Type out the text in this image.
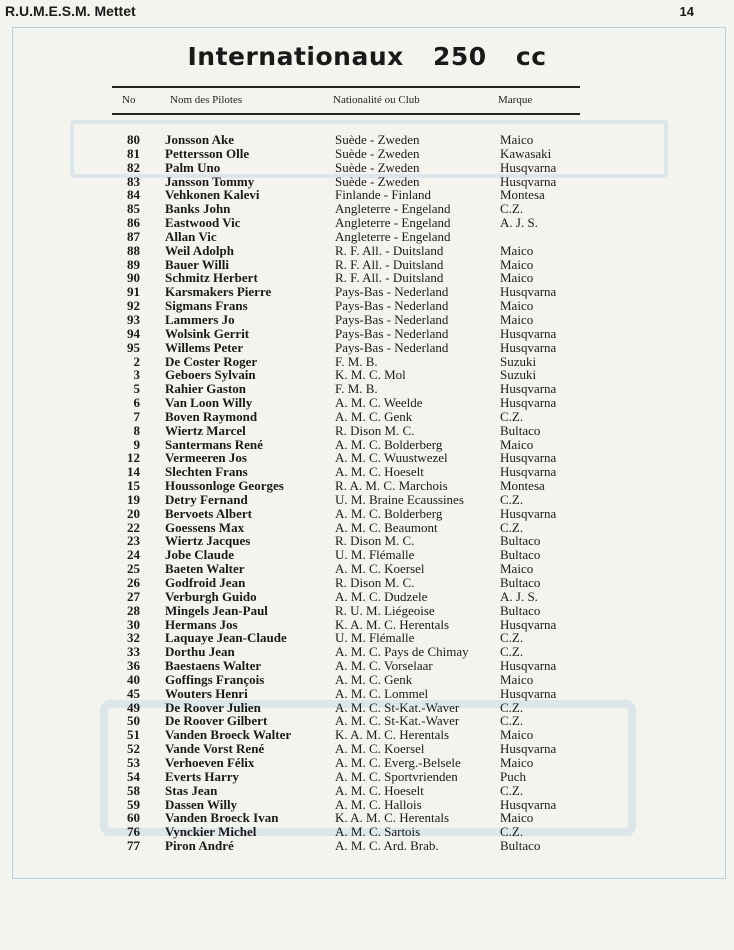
R.U.M.E.S.M. Mettet	14
Internationaux 250 cc
No	Nom des Pilotes	Nationalité ou Club	Marque
80	Jonsson Ake	Suède - Zweden	Maico
81	Pettersson Olle	Suède - Zweden	Kawasaki
82	Palm Uno	Suède - Zweden	Husqvarna
83	Jansson Tommy	Suède - Zweden	Husqvarna
84	Vehkonen Kalevi	Finlande - Finland	Montesa
85	Banks John	Angleterre - Engeland	C.Z.
86	Eastwood Vic	Angleterre - Engeland	A. J. S.
87	Allan Vic	Angleterre - Engeland	
88	Weil Adolph	R. F. All. - Duitsland	Maico
89	Bauer Willi	R. F. All. - Duitsland	Maico
90	Schmitz Herbert	R. F. All. - Duitsland	Maico
91	Karsmakers Pierre	Pays-Bas - Nederland	Husqvarna
92	Sigmans Frans	Pays-Bas - Nederland	Maico
93	Lammers Jo	Pays-Bas - Nederland	Maico
94	Wolsink Gerrit	Pays-Bas - Nederland	Husqvarna
95	Willems Peter	Pays-Bas - Nederland	Husqvarna
2	De Coster Roger	F. M. B.	Suzuki
3	Geboers Sylvain	K. M. C. Mol	Suzuki
5	Rahier Gaston	F. M. B.	Husqvarna
6	Van Loon Willy	A. M. C. Weelde	Husqvarna
7	Boven Raymond	A. M. C. Genk	C.Z.
8	Wiertz Marcel	R. Dison M. C.	Bultaco
9	Santermans René	A. M. C. Bolderberg	Maico
12	Vermeeren Jos	A. M. C. Wuustwezel	Husqvarna
14	Slechten Frans	A. M. C. Hoeselt	Husqvarna
15	Houssonloge Georges	R. A. M. C. Marchois	Montesa
19	Detry Fernand	U. M. Braine Ecaussines	C.Z.
20	Bervoets Albert	A. M. C. Bolderberg	Husqvarna
22	Goessens Max	A. M. C. Beaumont	C.Z.
23	Wiertz Jacques	R. Dison M. C.	Bultaco
24	Jobe Claude	U. M. Flémalle	Bultaco
25	Baeten Walter	A. M. C. Koersel	Maico
26	Godfroid Jean	R. Dison M. C.	Bultaco
27	Verburgh Guido	A. M. C. Dudzele	A. J. S.
28	Mingels Jean-Paul	R. U. M. Liégeoise	Bultaco
30	Hermans Jos	K. A. M. C. Herentals	Husqvarna
32	Laquaye Jean-Claude	U. M. Flémalle	C.Z.
33	Dorthu Jean	A. M. C. Pays de Chimay	C.Z.
36	Baestaens Walter	A. M. C. Vorselaar	Husqvarna
40	Goffings François	A. M. C. Genk	Maico
45	Wouters Henri	A. M. C. Lommel	Husqvarna
49	De Roover Julien	A. M. C. St-Kat.-Waver	C.Z.
50	De Roover Gilbert	A. M. C. St-Kat.-Waver	C.Z.
51	Vanden Broeck Walter	K. A. M. C. Herentals	Maico
52	Vande Vorst René	A. M. C. Koersel	Husqvarna
53	Verhoeven Félix	A. M. C. Everg.-Belsele	Maico
54	Everts Harry	A. M. C. Sportvrienden	Puch
58	Stas Jean	A. M. C. Hoeselt	C.Z.
59	Dassen Willy	A. M. C. Hallois	Husqvarna
60	Vanden Broeck Ivan	K. A. M. C. Herentals	Maico
76	Vynckier Michel	A. M. C. Sartois	C.Z.
77	Piron André	A. M. C. Ard. Brab.	Bultaco
